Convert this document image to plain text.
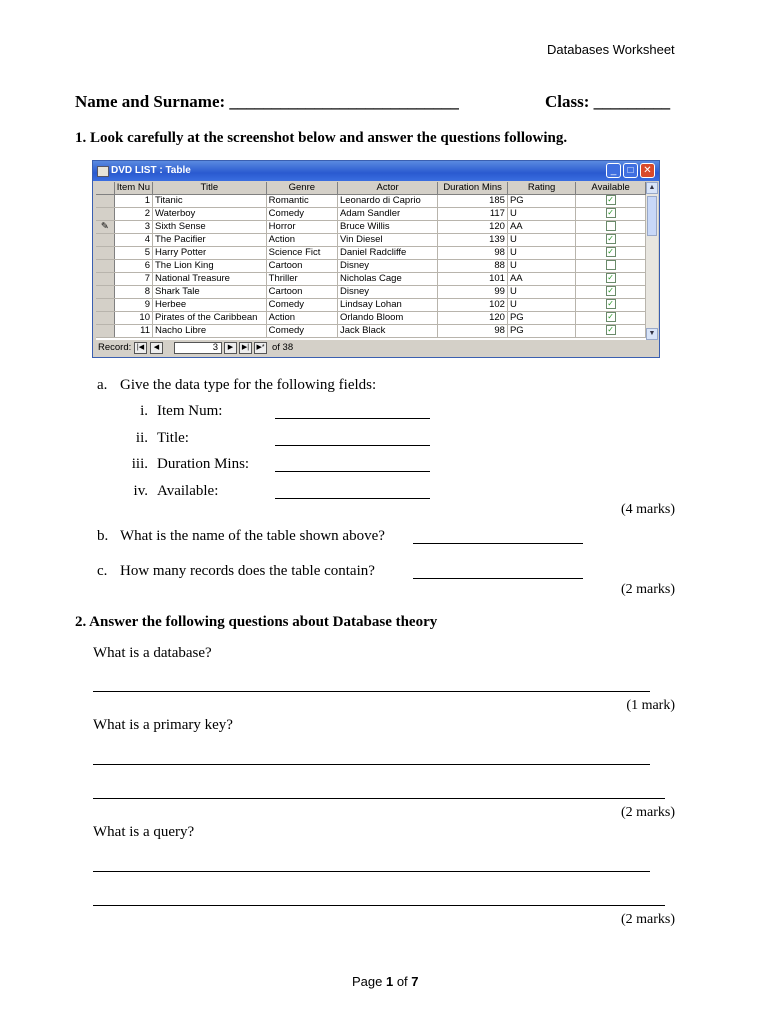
Databases Worksheet
Name and Surname: ___________________________	Class: _________
1. Look carefully at the screenshot below and answer the questions following.
DVD LIST : Table	_	□ ✕
	Item Nu	Title	Genre	Actor	Duration Mins	Rating	Available
	1	Titanic	Romantic	Leonardo di Caprio	185	PG	✓
	2	Waterboy	Comedy	Adam Sandler	117	U	✓
✎	3	Sixth Sense	Horror	Bruce Willis	120	AA	
	4	The Pacifier	Action	Vin Diesel	139	U	✓
	5	Harry Potter	Science Fict	Daniel Radcliffe	98	U	✓
	6	The Lion King	Cartoon	Disney	88	U	
	7	National Treasure	Thriller	Nicholas Cage	101	AA	✓
	8	Shark Tale	Cartoon	Disney	99	U	✓
	9	Herbee	Comedy	Lindsay Lohan	102	U	✓
	10	Pirates of the Caribbean	Action	Orlando Bloom	120	PG	✓
	11	Nacho Libre	Comedy	Jack Black	98	PG	✓
▲
▼
Record: |◀	◀	3	▶	▶|	▶* of 38
a. Give the data type for the following fields:
i. Item Num:
ii. Title:
iii. Duration Mins:
iv. Available:
(4 marks)
b. What is the name of the table shown above?
c. How many records does the table contain?
(2 marks)
2. Answer the following questions about Database theory
What is a database?
(1 mark)
What is a primary key?
(2 marks)
What is a query?
(2 marks)
Page 1 of 7
